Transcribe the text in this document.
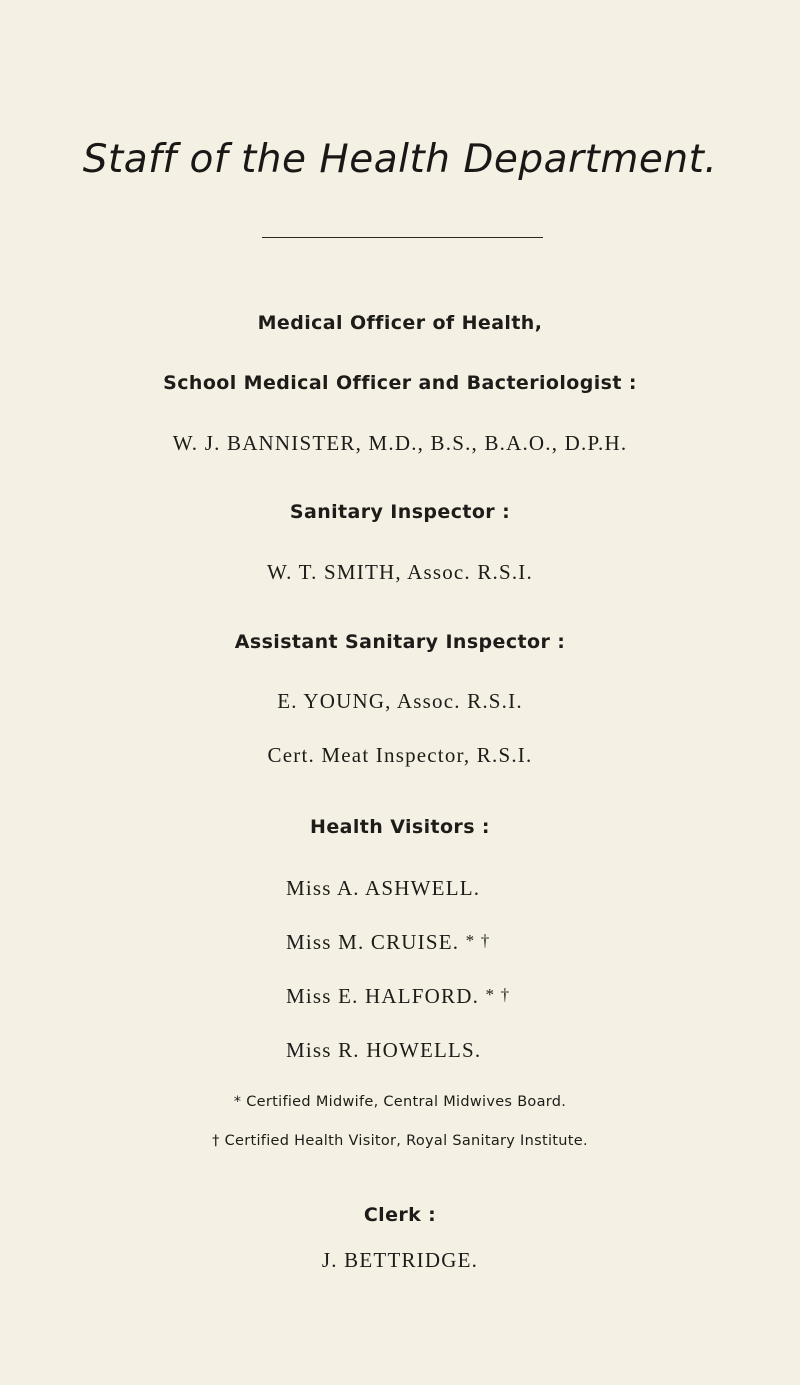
Staff of the Health Department.
Medical Officer of Health,
School Medical Officer and Bacteriologist :
W. J. BANNISTER, M.D., B.S., B.A.O., D.P.H.
Sanitary Inspector :
W. T. SMITH, Assoc. R.S.I.
Assistant Sanitary Inspector :
E. YOUNG, Assoc. R.S.I.
Cert. Meat Inspector, R.S.I.
Health Visitors :
Miss A. ASHWELL.
Miss M. CRUISE. * †
Miss E. HALFORD. * †
Miss R. HOWELLS.
* Certified Midwife, Central Midwives Board.
† Certified Health Visitor, Royal Sanitary Institute.
Clerk :
J. BETTRIDGE.
